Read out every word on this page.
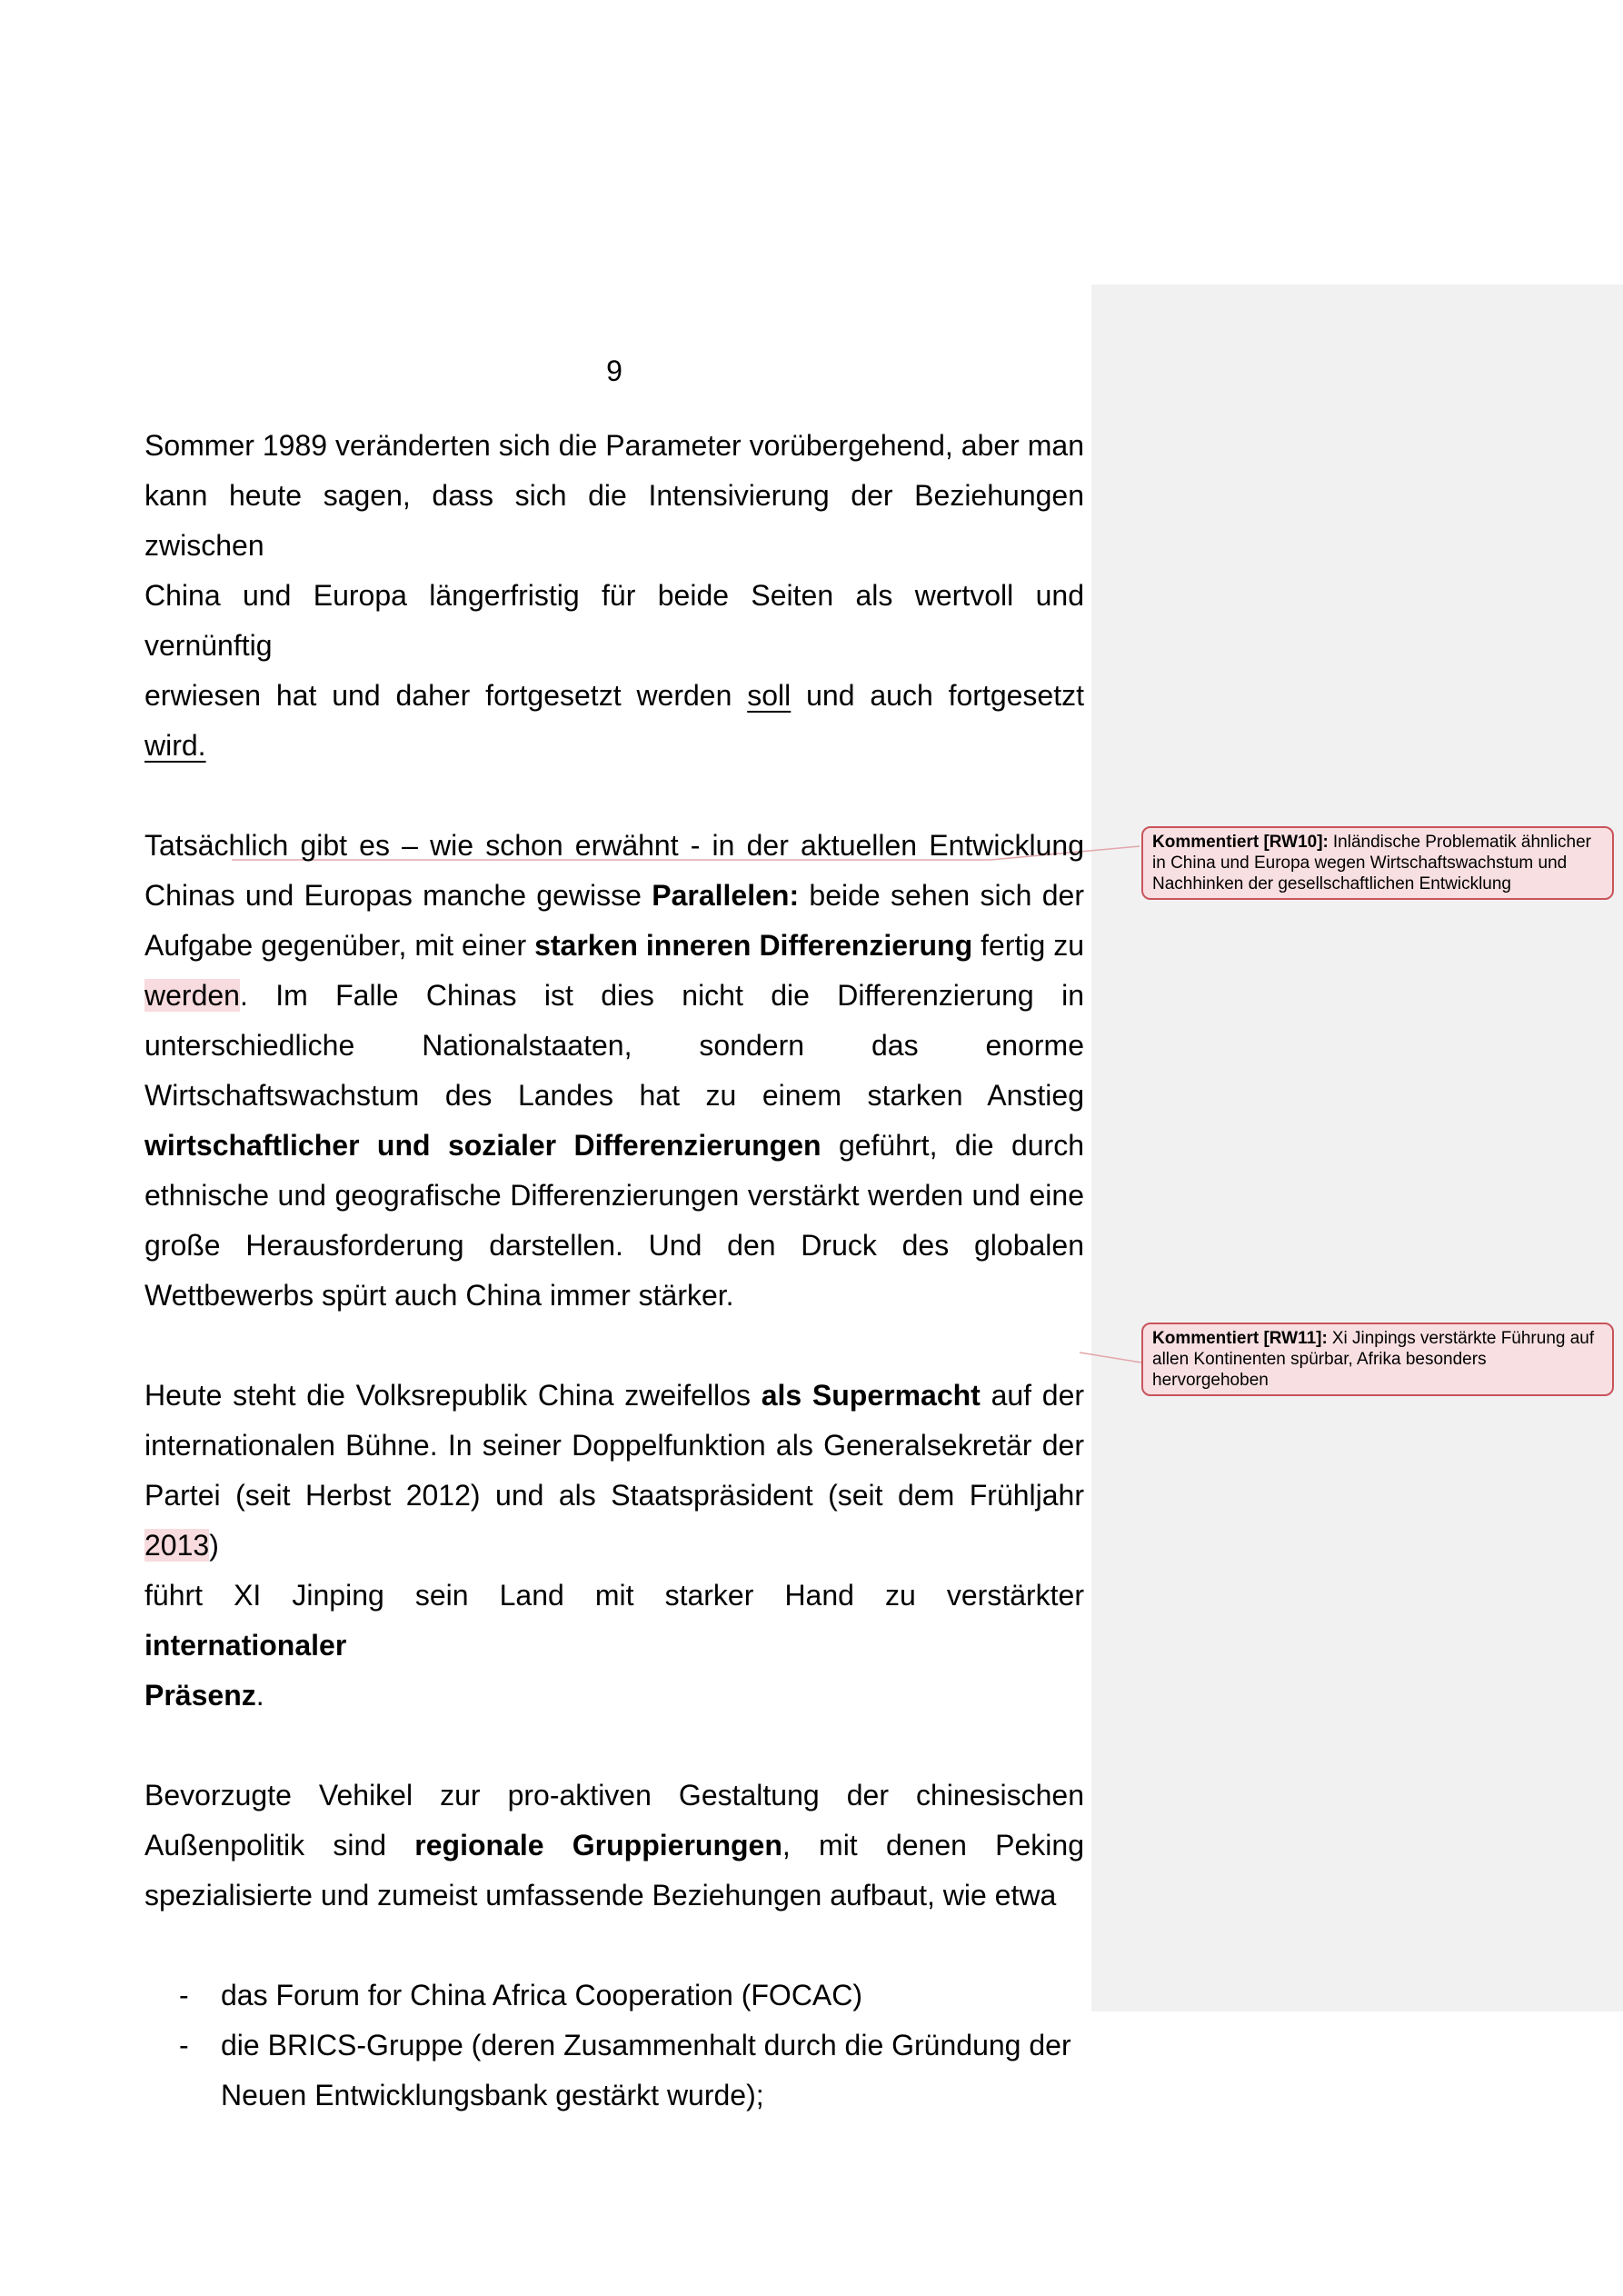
9
Sommer 1989 veränderten sich die Parameter vorübergehend, aber man
kann heute sagen, dass sich die Intensivierung der Beziehungen zwischen
China und Europa längerfristig für beide Seiten als wertvoll und vernünftig
erwiesen hat und daher fortgesetzt werden soll und auch fortgesetzt wird.
Tatsächlich gibt es – wie schon erwähnt - in der aktuellen Entwicklung
Chinas und Europas manche gewisse Parallelen: beide sehen sich der
Aufgabe gegenüber, mit einer starken inneren Differenzierung fertig zu
werden. Im Falle Chinas ist dies nicht die Differenzierung in
unterschiedliche Nationalstaaten, sondern das enorme
Wirtschaftswachstum des Landes hat zu einem starken Anstieg
wirtschaftlicher und sozialer Differenzierungen geführt, die durch
ethnische und geografische Differenzierungen verstärkt werden und eine
große Herausforderung darstellen. Und den Druck des globalen
Wettbewerbs spürt auch China immer stärker.
Heute steht die Volksrepublik China zweifellos als Supermacht auf der
internationalen Bühne. In seiner Doppelfunktion als Generalsekretär der
Partei (seit Herbst 2012) und als Staatspräsident (seit dem Frühljahr 2013)
führt XI Jinping sein Land mit starker Hand zu verstärkter internationaler
Präsenz.
Bevorzugte Vehikel zur pro-aktiven Gestaltung der chinesischen
Außenpolitik sind regionale Gruppierungen, mit denen Peking
spezialisierte und zumeist umfassende Beziehungen aufbaut, wie etwa
-	das Forum for China Africa Cooperation (FOCAC)
-	die BRICS-Gruppe (deren Zusammenhalt durch die Gründung der
Neuen Entwicklungsbank gestärkt wurde);
Kommentiert [RW10]: Inländische Problematik ähnlicher in China und Europa wegen Wirtschaftswachstum und Nachhinken der gesellschaftlichen Entwicklung
Kommentiert [RW11]: Xi Jinpings verstärkte Führung auf allen Kontinenten spürbar, Afrika besonders hervorgehoben
